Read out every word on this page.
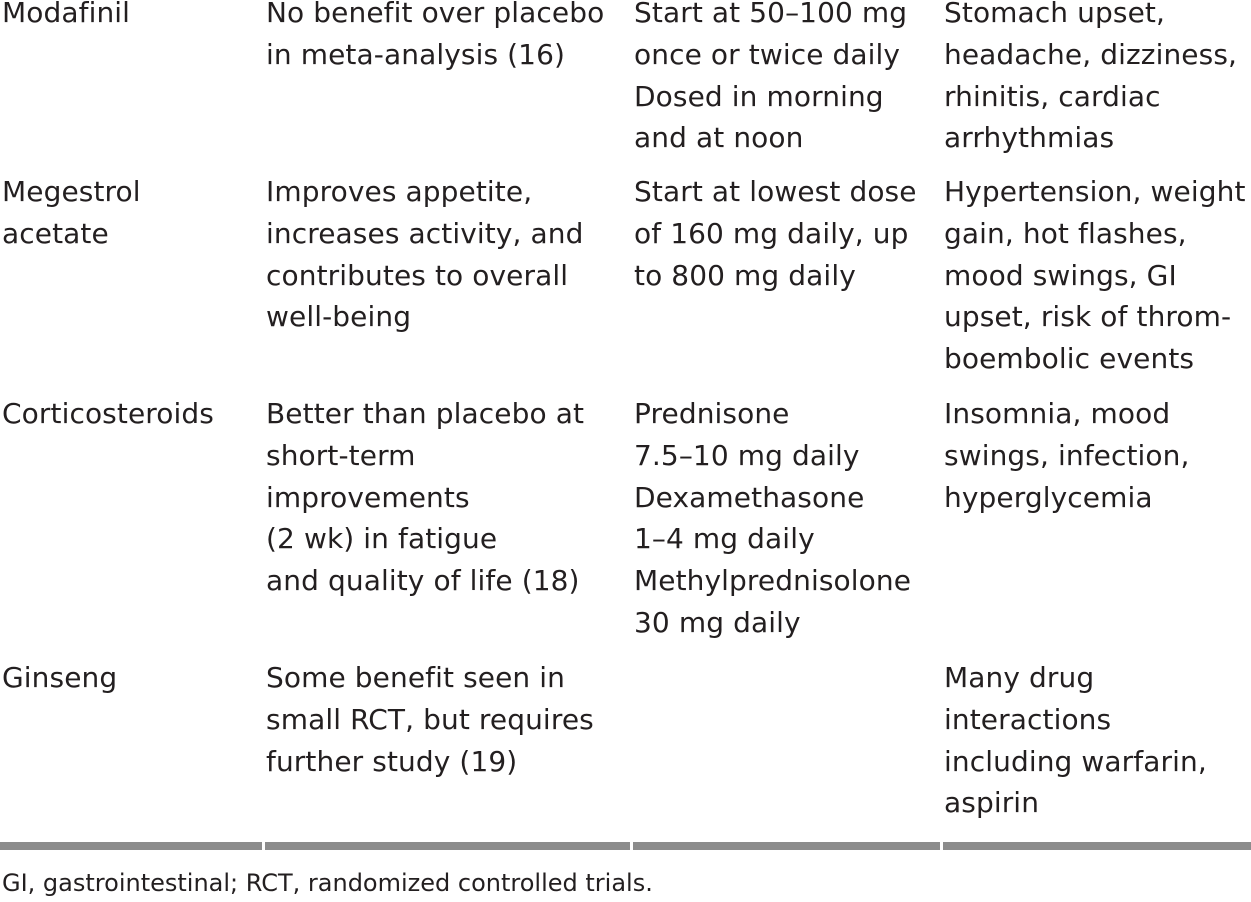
Modafinil	No benefit over placebo
in meta-analysis (16)
Start at 50–100 mg
once or twice daily
Dosed in morning
and at noon
Stomach upset,
headache, dizziness,
rhinitis, cardiac
arrhythmias
Megestrol
acetate
Improves appetite,
increases activity, and
contributes to overall
well-being
Start at lowest dose
of 160 mg daily, up
to 800 mg daily
Hypertension, weight
gain, hot flashes,
mood swings, GI
upset, risk of throm-
boembolic events
Corticosteroids Better than placebo at
short-term
improvements
(2 wk) in fatigue
and quality of life (18)
Prednisone
7.5–10 mg daily
Dexamethasone
1–4 mg daily
Methylprednisolone
30 mg daily
Insomnia, mood
swings, infection,
hyperglycemia
Ginseng	Some benefit seen in
small RCT, but requires
further study (19)
Many drug
interactions
including warfarin,
aspirin
GI, gastrointestinal; RCT, randomized controlled trials.
